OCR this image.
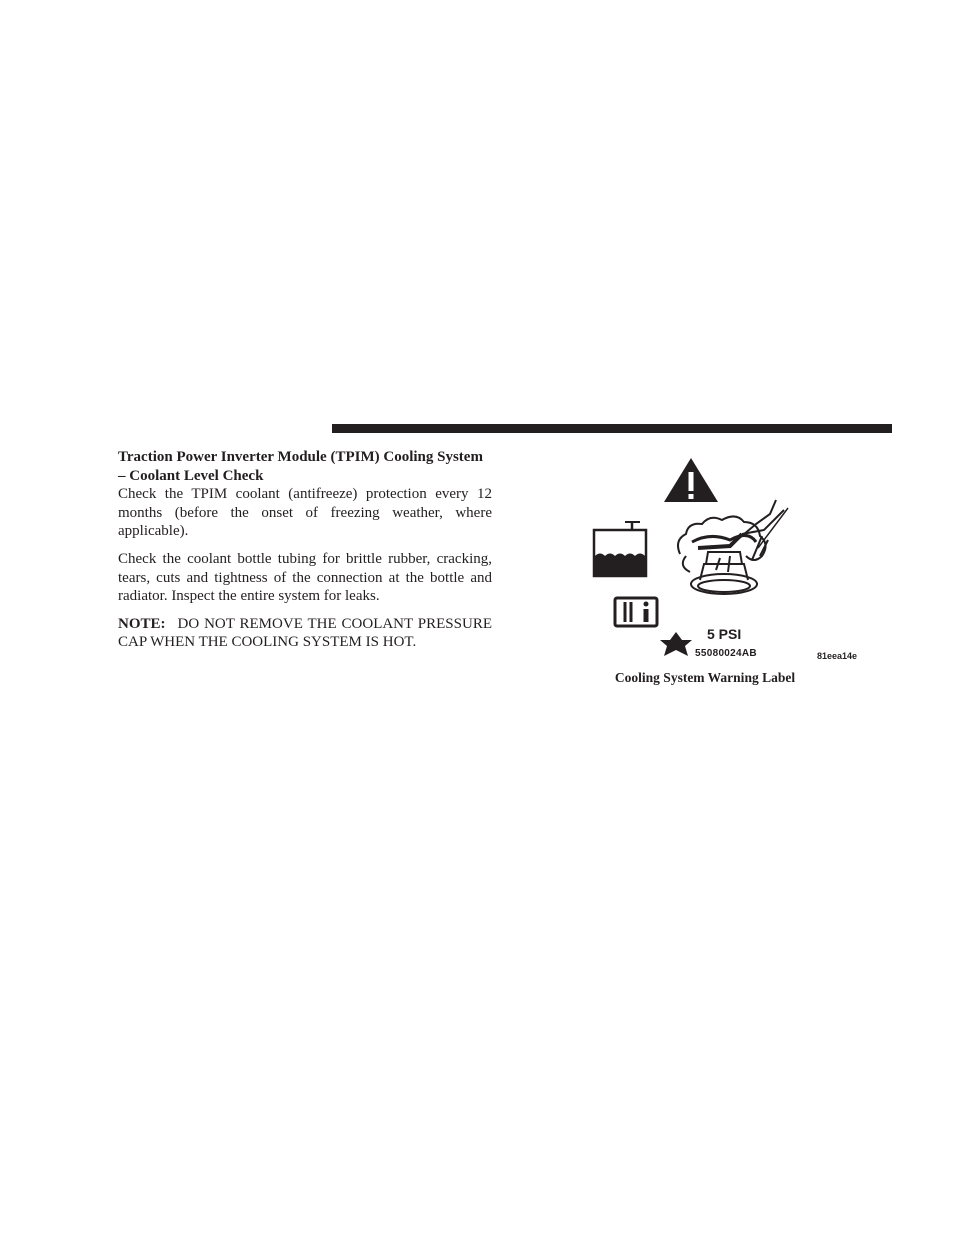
Traction Power Inverter Module (TPIM) Cooling System – Coolant Level Check

Check the TPIM coolant (antifreeze) protection every 12 months (before the onset of freezing weather, where applicable).

Check the coolant bottle tubing for brittle rubber, cracking, tears, cuts and tightness of the connection at the bottle and radiator. Inspect the entire system for leaks.

NOTE: DO NOT REMOVE THE COOLANT PRESSURE CAP WHEN THE COOLING SYSTEM IS HOT.

5 PSI
55080024AB	81eea14e
Cooling System Warning Label
